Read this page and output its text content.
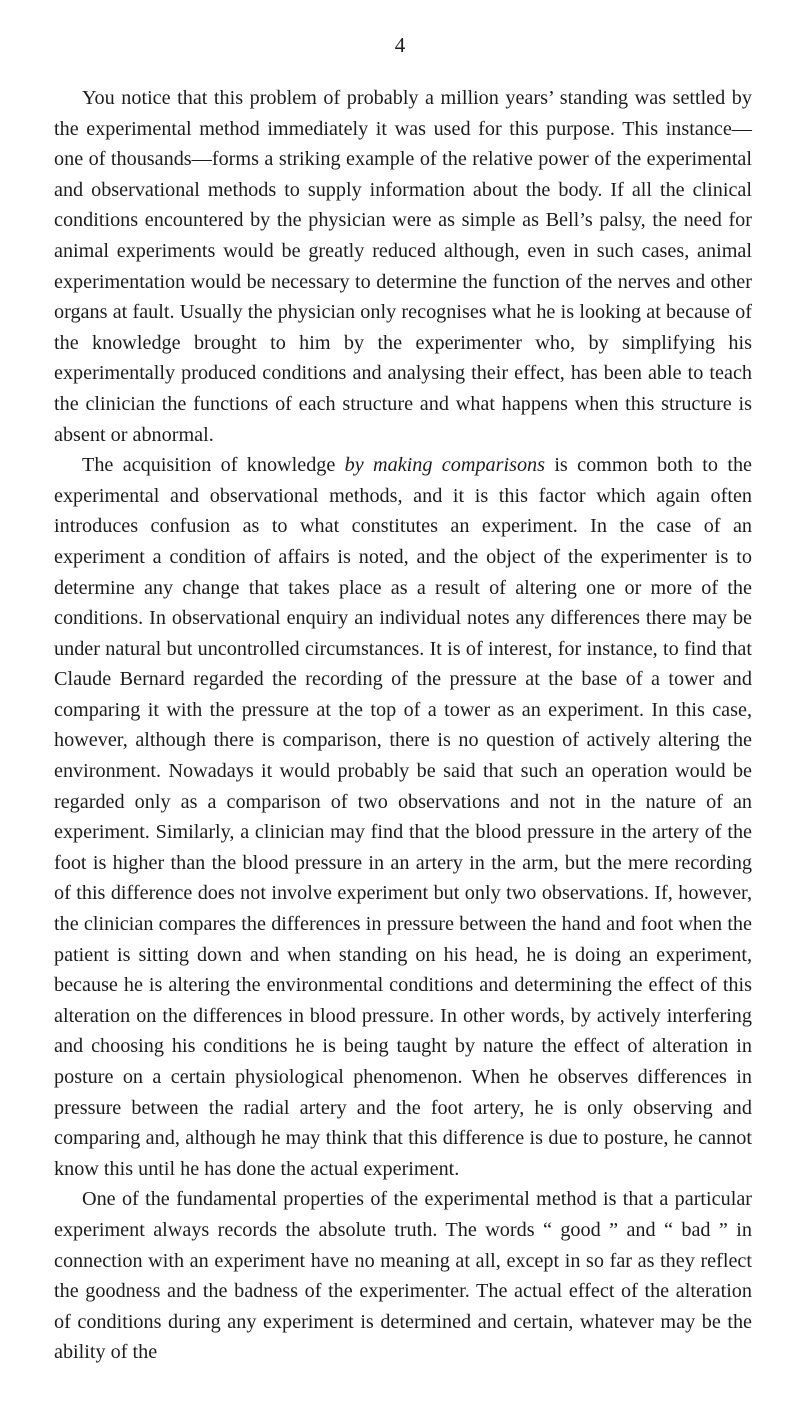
4

You notice that this problem of probably a million years’ standing was settled by the experimental method immediately it was used for this purpose. This instance—one of thousands—forms a striking example of the relative power of the experimental and observational methods to supply information about the body. If all the clinical conditions encountered by the physician were as simple as Bell’s palsy, the need for animal experiments would be greatly reduced although, even in such cases, animal experimentation would be necessary to determine the function of the nerves and other organs at fault. Usually the physician only recognises what he is looking at because of the knowledge brought to him by the experimenter who, by simplifying his experimentally produced conditions and analysing their effect, has been able to teach the clinician the functions of each structure and what happens when this structure is absent or abnormal.

The acquisition of knowledge by making comparisons is common both to the experimental and observational methods, and it is this factor which again often introduces confusion as to what constitutes an experiment. In the case of an experiment a condition of affairs is noted, and the object of the experimenter is to determine any change that takes place as a result of altering one or more of the conditions. In observational enquiry an individual notes any differences there may be under natural but uncontrolled circumstances. It is of interest, for instance, to find that Claude Bernard regarded the recording of the pressure at the base of a tower and comparing it with the pressure at the top of a tower as an experiment. In this case, however, although there is comparison, there is no question of actively altering the environment. Nowadays it would probably be said that such an operation would be regarded only as a comparison of two observations and not in the nature of an experiment. Similarly, a clinician may find that the blood pressure in the artery of the foot is higher than the blood pressure in an artery in the arm, but the mere recording of this difference does not involve experiment but only two observations. If, however, the clinician compares the differences in pressure between the hand and foot when the patient is sitting down and when standing on his head, he is doing an experiment, because he is altering the environmental conditions and determining the effect of this alteration on the differences in blood pressure. In other words, by actively interfering and choosing his conditions he is being taught by nature the effect of alteration in posture on a certain physiological phenomenon. When he observes differences in pressure between the radial artery and the foot artery, he is only observing and comparing and, although he may think that this difference is due to posture, he cannot know this until he has done the actual experiment.

One of the fundamental properties of the experimental method is that a particular experiment always records the absolute truth. The words “ good ” and “ bad ” in connection with an experiment have no meaning at all, except in so far as they reflect the goodness and the badness of the experimenter. The actual effect of the alteration of conditions during any experiment is determined and certain, whatever may be the ability of the
